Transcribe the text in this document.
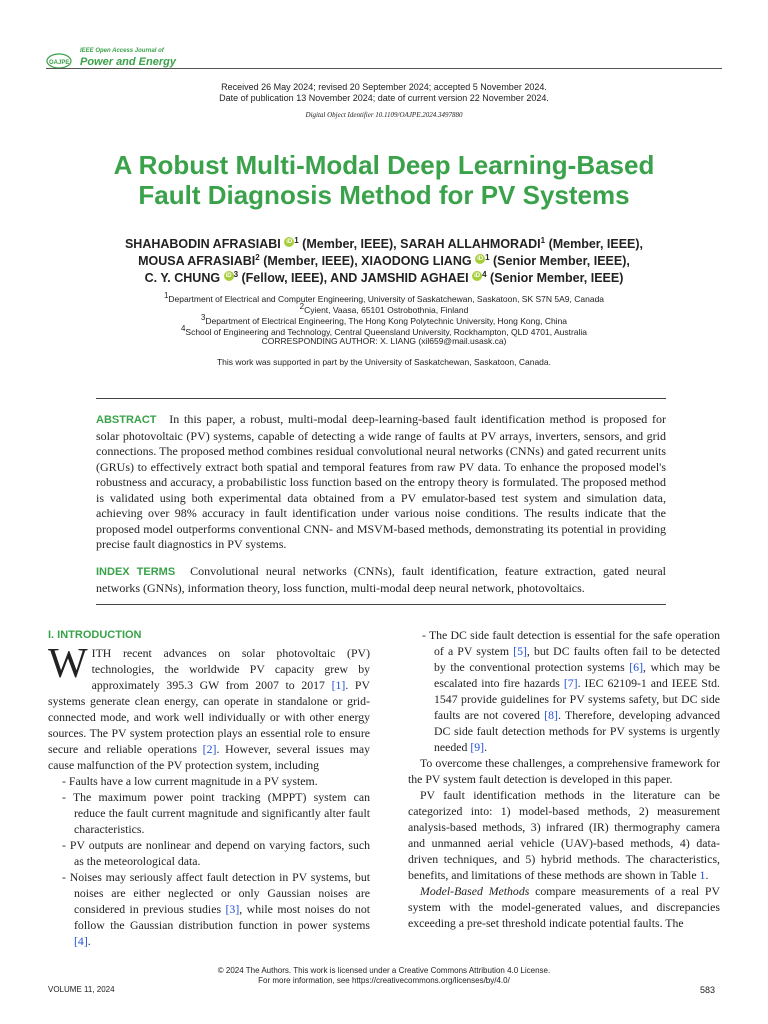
OAJPE
IEEE Open Access Journal of
Power and Energy
Received 26 May 2024; revised 20 September 2024; accepted 5 November 2024.
Date of publication 13 November 2024; date of current version 22 November 2024.
Digital Object Identifier 10.1109/OAJPE.2024.3497880
A Robust Multi-Modal Deep Learning-Based
Fault Diagnosis Method for PV Systems
SHAHABODIN AFRASIABI iD $^1$ (Member, IEEE), SARAH ALLAHMORADI$^1$ (Member, IEEE),
MOUSA AFRASIABI$^2$ (Member, IEEE), XIAODONG LIANG iD $^1$ (Senior Member, IEEE),
C. Y. CHUNG iD $^3$ (Fellow, IEEE), AND JAMSHID AGHAEI iD $^4$ (Senior Member, IEEE)
$^1$Department of Electrical and Computer Engineering, University of Saskatchewan, Saskatoon, SK S7N 5A9, Canada
$^2$Cyient, Vaasa, 65101 Ostrobothnia, Finland
$^3$Department of Electrical Engineering, The Hong Kong Polytechnic University, Hong Kong, China
$^4$School of Engineering and Technology, Central Queensland University, Rockhampton, QLD 4701, Australia
CORRESPONDING AUTHOR: X. LIANG (xil659@mail.usask.ca)
This work was supported in part by the University of Saskatchewan, Saskatoon, Canada.
ABSTRACT In this paper, a robust, multi-modal deep-learning-based fault identification method is proposed for solar photovoltaic (PV) systems, capable of detecting a wide range of faults at PV arrays, inverters, sensors, and grid connections. The proposed method combines residual convolutional neural networks (CNNs) and gated recurrent units (GRUs) to effectively extract both spatial and temporal features from raw PV data. To enhance the proposed model's robustness and accuracy, a probabilistic loss function based on the entropy theory is formulated. The proposed method is validated using both experimental data obtained from a PV emulator-based test system and simulation data, achieving over 98% accuracy in fault identification under various noise conditions. The results indicate that the proposed model outperforms conventional CNN- and MSVM-based methods, demonstrating its potential in providing precise fault diagnostics in PV systems.
INDEX TERMS Convolutional neural networks (CNNs), fault identification, feature extraction, gated neural networks (GNNs), information theory, loss function, multi-modal deep neural network, photovoltaics.
I. INTRODUCTION

WITH recent advances on solar photovoltaic (PV) technologies, the worldwide PV capacity grew by approximately 395.3 GW from 2007 to 2017 [1]. PV systems generate clean energy, can operate in standalone or grid-connected mode, and work well individually or with other energy sources. The PV system protection plays an essential role to ensure secure and reliable operations [2]. However, several issues may cause malfunction of the PV protection system, including

- Faults have a low current magnitude in a PV system.

- The maximum power point tracking (MPPT) system can reduce the fault current magnitude and significantly alter fault characteristics.

- PV outputs are nonlinear and depend on varying factors, such as the meteorological data.

- Noises may seriously affect fault detection in PV systems, but noises are either neglected or only Gaussian noises are considered in previous studies [3], while most noises do not follow the Gaussian distribution function in power systems [4].

- The DC side fault detection is essential for the safe operation of a PV system [5], but DC faults often fail to be detected by the conventional protection systems [6], which may be escalated into fire hazards [7]. IEC 62109-1 and IEEE Std. 1547 provide guidelines for PV systems safety, but DC side faults are not covered [8]. Therefore, developing advanced DC side fault detection methods for PV systems is urgently needed [9].

To overcome these challenges, a comprehensive framework for the PV system fault detection is developed in this paper.

PV fault identification methods in the literature can be categorized into: 1) model-based methods, 2) measurement analysis-based methods, 3) infrared (IR) thermography camera and unmanned aerial vehicle (UAV)-based methods, 4) data-driven techniques, and 5) hybrid methods. The characteristics, benefits, and limitations of these methods are shown in Table 1.

Model-Based Methods compare measurements of a real PV system with the model-generated values, and discrepancies exceeding a pre-set threshold indicate potential faults. The

© 2024 The Authors. This work is licensed under a Creative Commons Attribution 4.0 License.
For more information, see https://creativecommons.org/licenses/by/4.0/
VOLUME 11, 2024	583
